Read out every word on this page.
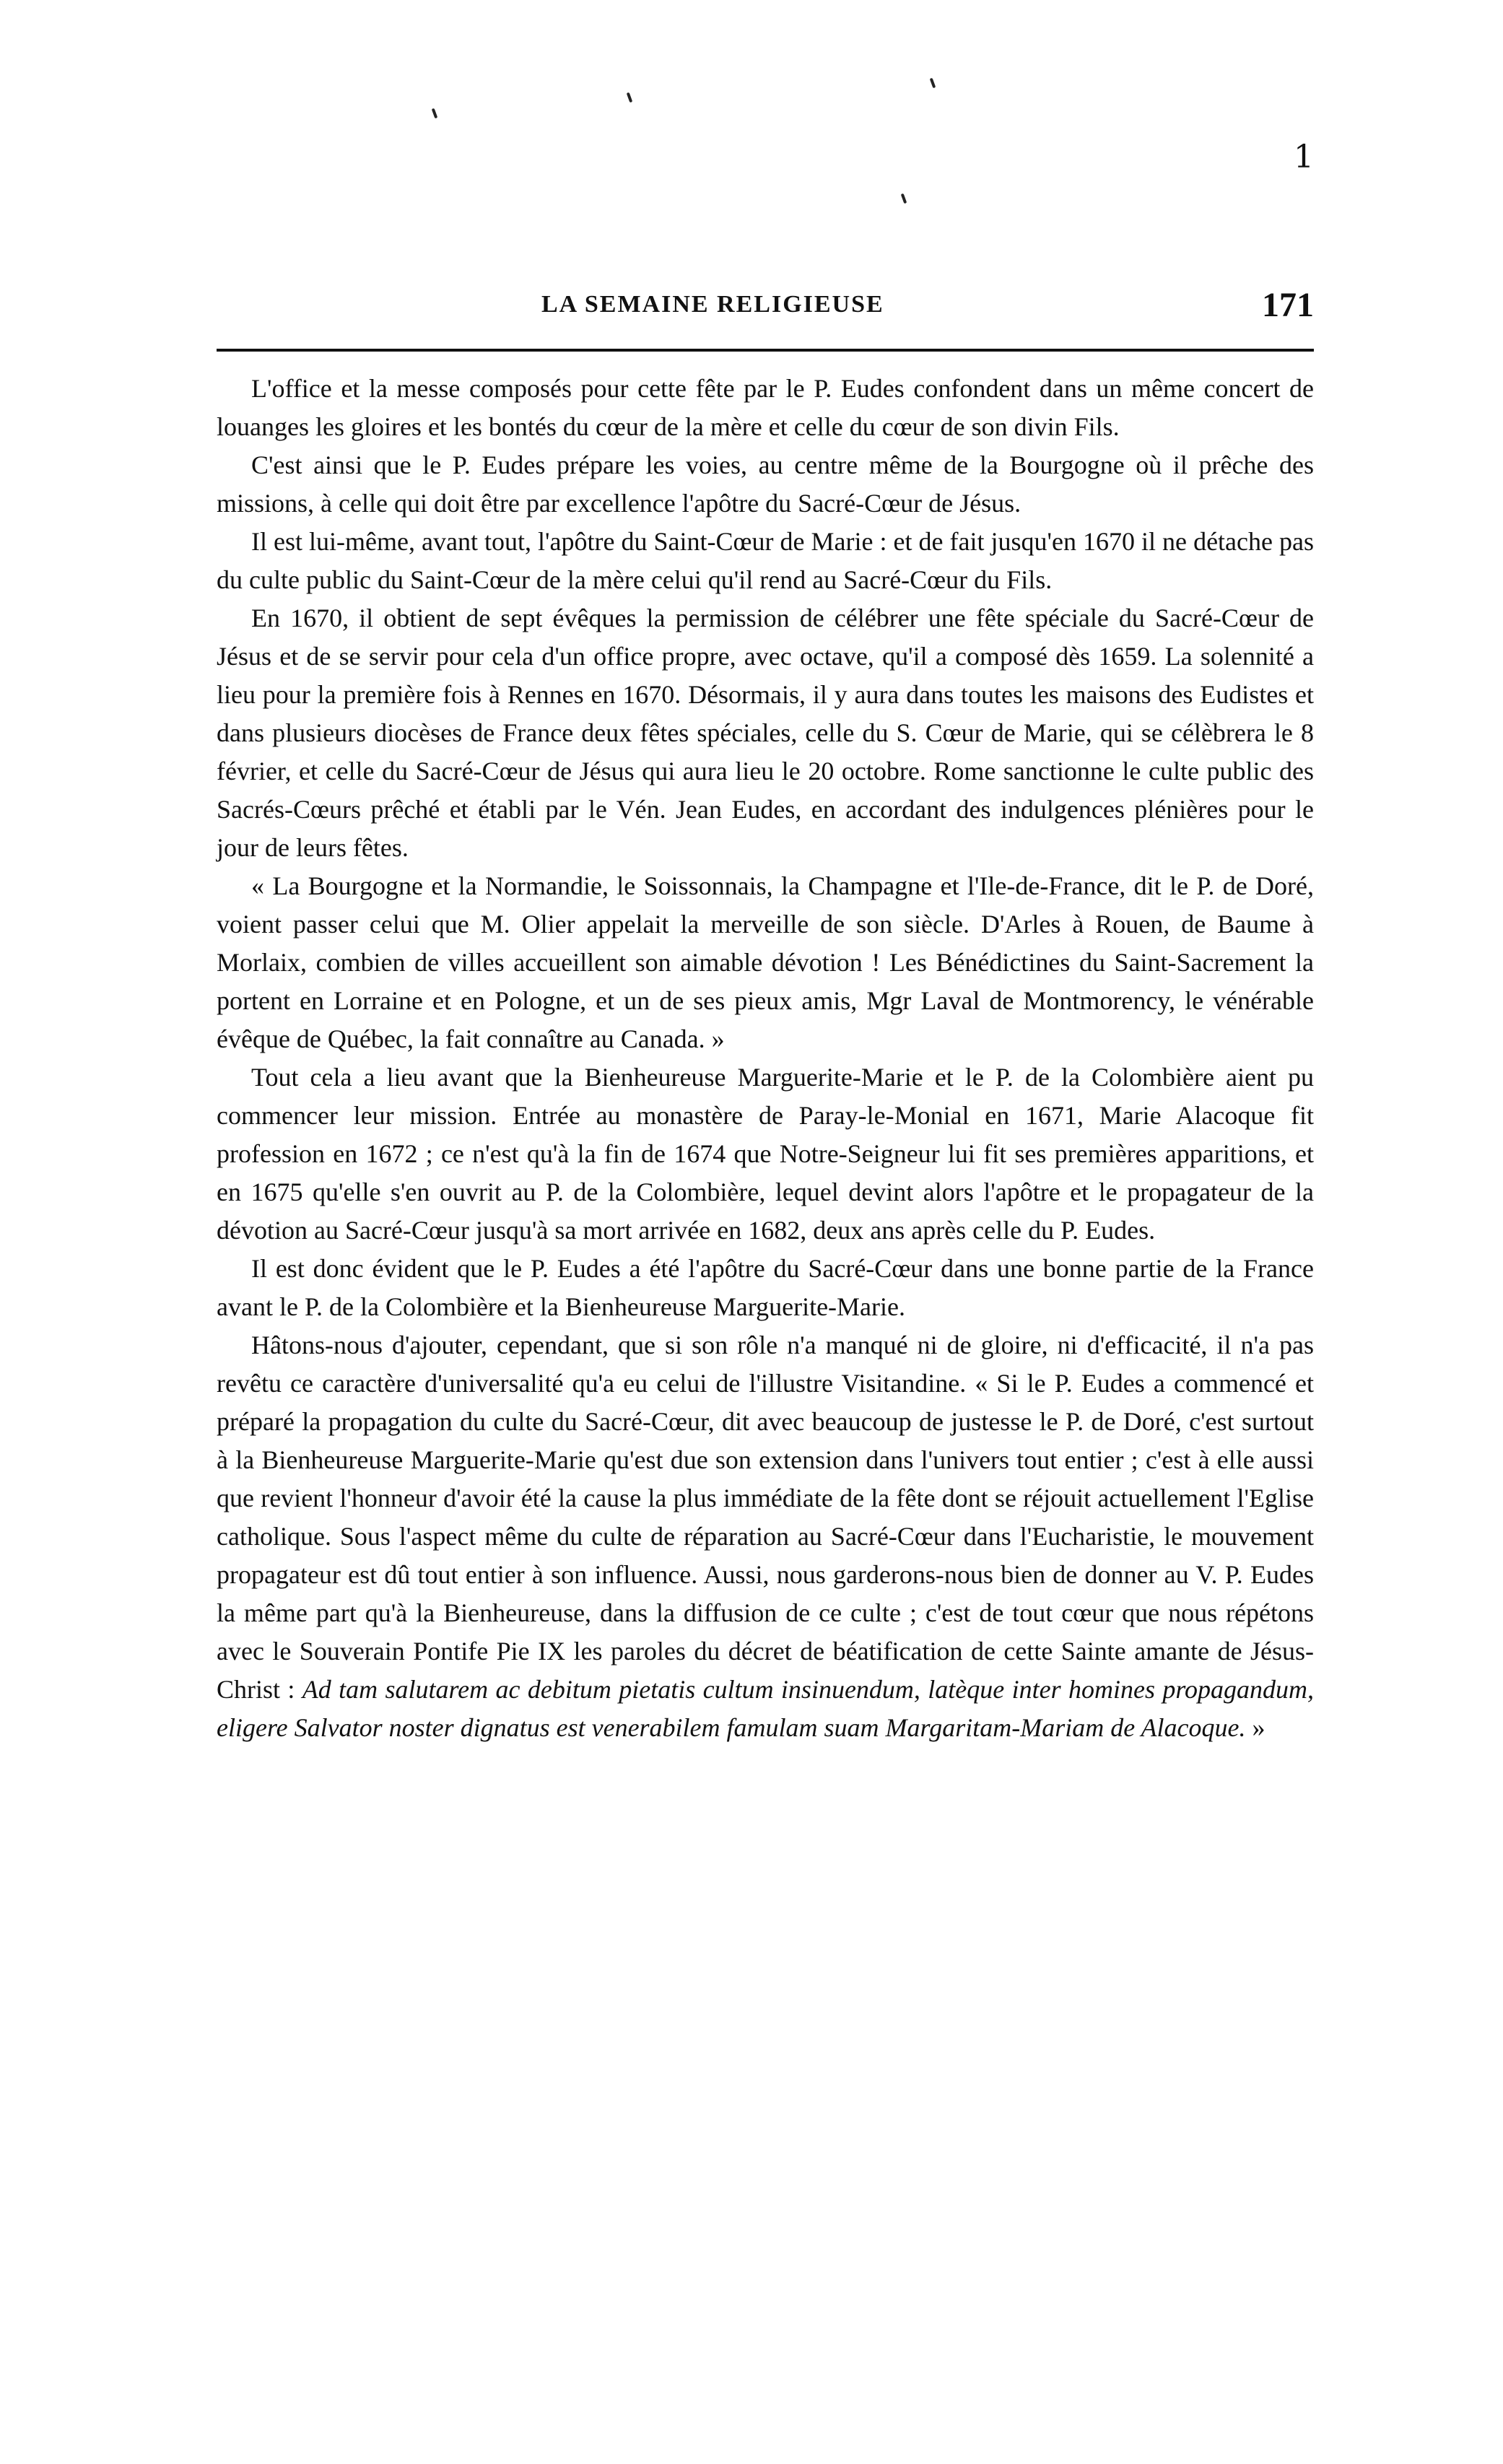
1
LA SEMAINE RELIGIEUSE	171

L'office et la messe composés pour cette fête par le P. Eudes confondent dans un même concert de louanges les gloires et les bontés du cœur de la mère et celle du cœur de son divin Fils.

C'est ainsi que le P. Eudes prépare les voies, au centre même de la Bourgogne où il prêche des missions, à celle qui doit être par excellence l'apôtre du Sacré-Cœur de Jésus.

Il est lui-même, avant tout, l'apôtre du Saint-Cœur de Marie : et de fait jusqu'en 1670 il ne détache pas du culte public du Saint-Cœur de la mère celui qu'il rend au Sacré-Cœur du Fils.

En 1670, il obtient de sept évêques la permission de célébrer une fête spéciale du Sacré-Cœur de Jésus et de se servir pour cela d'un office propre, avec octave, qu'il a composé dès 1659. La solennité a lieu pour la première fois à Rennes en 1670. Désormais, il y aura dans toutes les maisons des Eudistes et dans plusieurs diocèses de France deux fêtes spéciales, celle du S. Cœur de Marie, qui se célèbrera le 8 février, et celle du Sacré-Cœur de Jésus qui aura lieu le 20 octobre. Rome sanctionne le culte public des Sacrés-Cœurs prêché et établi par le Vén. Jean Eudes, en accordant des indulgences plénières pour le jour de leurs fêtes.

« La Bourgogne et la Normandie, le Soissonnais, la Champagne et l'Ile-de-France, dit le P. de Doré, voient passer celui que M. Olier appelait la merveille de son siècle. D'Arles à Rouen, de Baume à Morlaix, combien de villes accueillent son aimable dévotion ! Les Bénédictines du Saint-Sacrement la portent en Lorraine et en Pologne, et un de ses pieux amis, Mgr Laval de Montmorency, le vénérable évêque de Québec, la fait connaître au Canada. »

Tout cela a lieu avant que la Bienheureuse Marguerite-Marie et le P. de la Colombière aient pu commencer leur mission. Entrée au monastère de Paray-le-Monial en 1671, Marie Alacoque fit profession en 1672 ; ce n'est qu'à la fin de 1674 que Notre-Seigneur lui fit ses premières apparitions, et en 1675 qu'elle s'en ouvrit au P. de la Colombière, lequel devint alors l'apôtre et le propagateur de la dévotion au Sacré-Cœur jusqu'à sa mort arrivée en 1682, deux ans après celle du P. Eudes.

Il est donc évident que le P. Eudes a été l'apôtre du Sacré-Cœur dans une bonne partie de la France avant le P. de la Colombière et la Bienheureuse Marguerite-Marie.

Hâtons-nous d'ajouter, cependant, que si son rôle n'a manqué ni de gloire, ni d'efficacité, il n'a pas revêtu ce caractère d'universalité qu'a eu celui de l'illustre Visitandine. « Si le P. Eudes a commencé et préparé la propagation du culte du Sacré-Cœur, dit avec beaucoup de justesse le P. de Doré, c'est surtout à la Bienheureuse Marguerite-Marie qu'est due son extension dans l'univers tout entier ; c'est à elle aussi que revient l'honneur d'avoir été la cause la plus immédiate de la fête dont se réjouit actuellement l'Eglise catholique. Sous l'aspect même du culte de réparation au Sacré-Cœur dans l'Eucharistie, le mouvement propagateur est dû tout entier à son influence. Aussi, nous garderons-nous bien de donner au V. P. Eudes la même part qu'à la Bienheureuse, dans la diffusion de ce culte ; c'est de tout cœur que nous répétons avec le Souverain Pontife Pie IX les paroles du décret de béatification de cette Sainte amante de Jésus-Christ : Ad tam salutarem ac debitum pietatis cultum insinuendum, latèque inter homines propagandum, eligere Salvator noster dignatus est venerabilem famulam suam Margaritam-Mariam de Alacoque. »
